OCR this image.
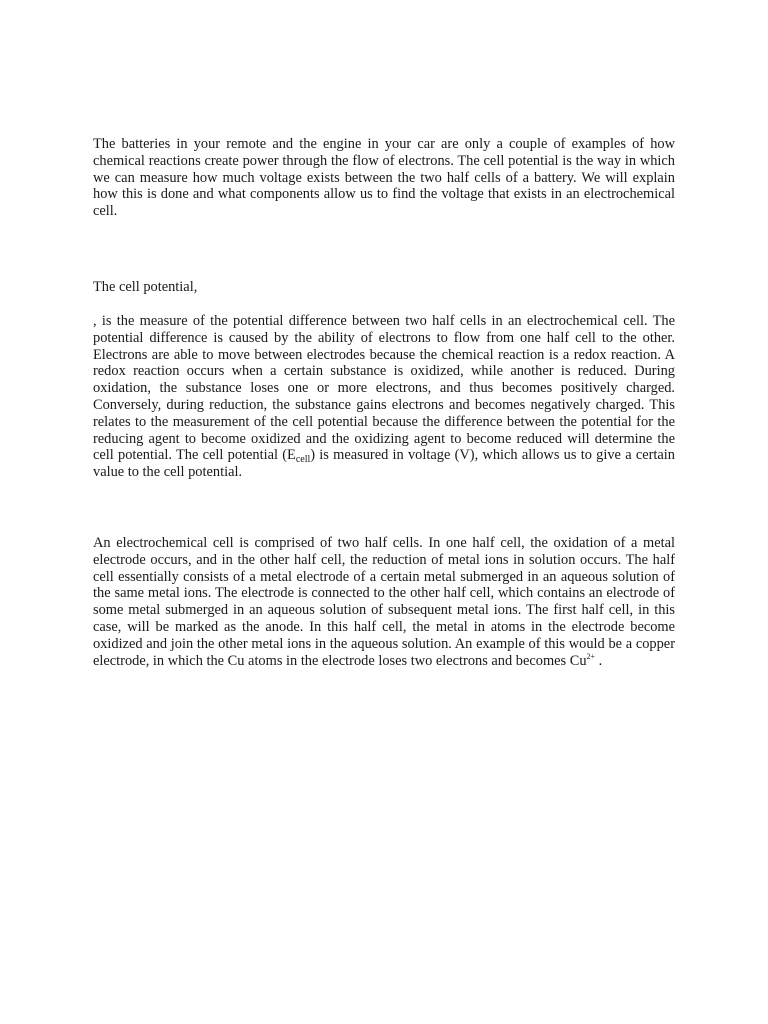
The batteries in your remote and the engine in your car are only a couple of examples of how chemical reactions create power through the flow of electrons. The cell potential is the way in which we can measure how much voltage exists between the two half cells of a battery. We will explain how this is done and what components allow us to find the voltage that exists in an electrochemical cell.

The cell potential,

, is the measure of the potential difference between two half cells in an electrochemical cell. The potential difference is caused by the ability of electrons to flow from one half cell to the other. Electrons are able to move between electrodes because the chemical reaction is a redox reaction. A redox reaction occurs when a certain substance is oxidized, while another is reduced. During oxidation, the substance loses one or more electrons, and thus becomes positively charged. Conversely, during reduction, the substance gains electrons and becomes negatively charged. This relates to the measurement of the cell potential because the difference between the potential for the reducing agent to become oxidized and the oxidizing agent to become reduced will determine the cell potential. The cell potential $(E_{cell})$ is measured in voltage (V), which allows us to give a certain value to the cell potential.

An electrochemical cell is comprised of two half cells. In one half cell, the oxidation of a metal electrode occurs, and in the other half cell, the reduction of metal ions in solution occurs. The half cell essentially consists of a metal electrode of a certain metal submerged in an aqueous solution of the same metal ions. The electrode is connected to the other half cell, which contains an electrode of some metal submerged in an aqueous solution of subsequent metal ions. The first half cell, in this case, will be marked as the anode. In this half cell, the metal in atoms in the electrode become oxidized and join the other metal ions in the aqueous solution. An example of this would be a copper electrode, in which the Cu atoms in the electrode loses two electrons and becomes $Cu^{2+}$ .
